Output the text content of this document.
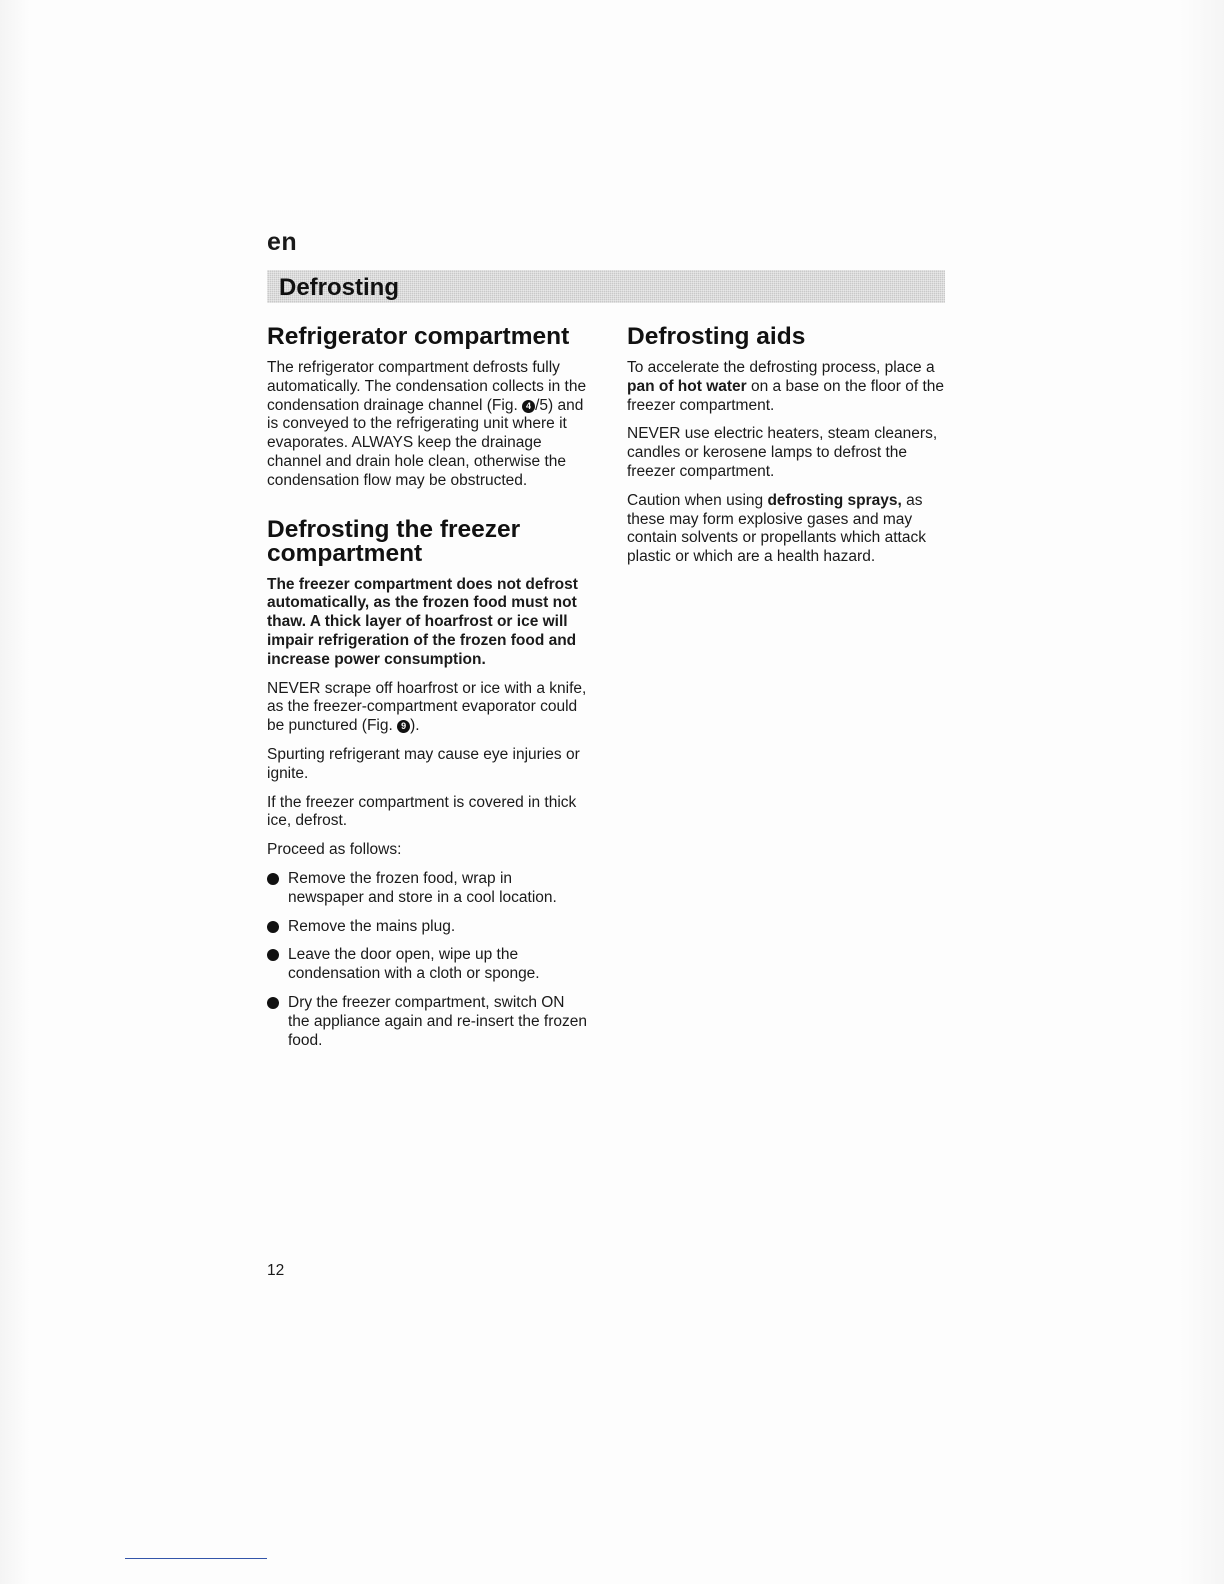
en
Defrosting
Refrigerator compartment

The refrigerator compartment defrosts fully automatically. The condensation collects in the condensation drainage channel (Fig. 4 /5) and is conveyed to the refrigerating unit where it evaporates. ALWAYS keep the drainage channel and drain hole clean, otherwise the condensation flow may be obstructed.

Defrosting the freezer compartment

The freezer compartment does not defrost automatically, as the frozen food must not thaw. A thick layer of hoarfrost or ice will impair refrigeration of the frozen food and increase power consumption.

NEVER scrape off hoarfrost or ice with a knife, as the freezer-compartment evaporator could be punctured (Fig. 9 ).

Spurting refrigerant may cause eye injuries or ignite.

If the freezer compartment is covered in thick ice, defrost.

Proceed as follows:

Remove the frozen food, wrap in newspaper and store in a cool location.
Remove the mains plug.
Leave the door open, wipe up the condensation with a cloth or sponge.
Dry the freezer compartment, switch ON the appliance again and re-insert the frozen food.
Defrosting aids

To accelerate the defrosting process, place a pan of hot water on a base on the floor of the freezer compartment.

NEVER use electric heaters, steam cleaners, candles or kerosene lamps to defrost the freezer compartment.

Caution when using defrosting sprays, as these may form explosive gases and may contain solvents or propellants which attack plastic or which are a health hazard.

12
